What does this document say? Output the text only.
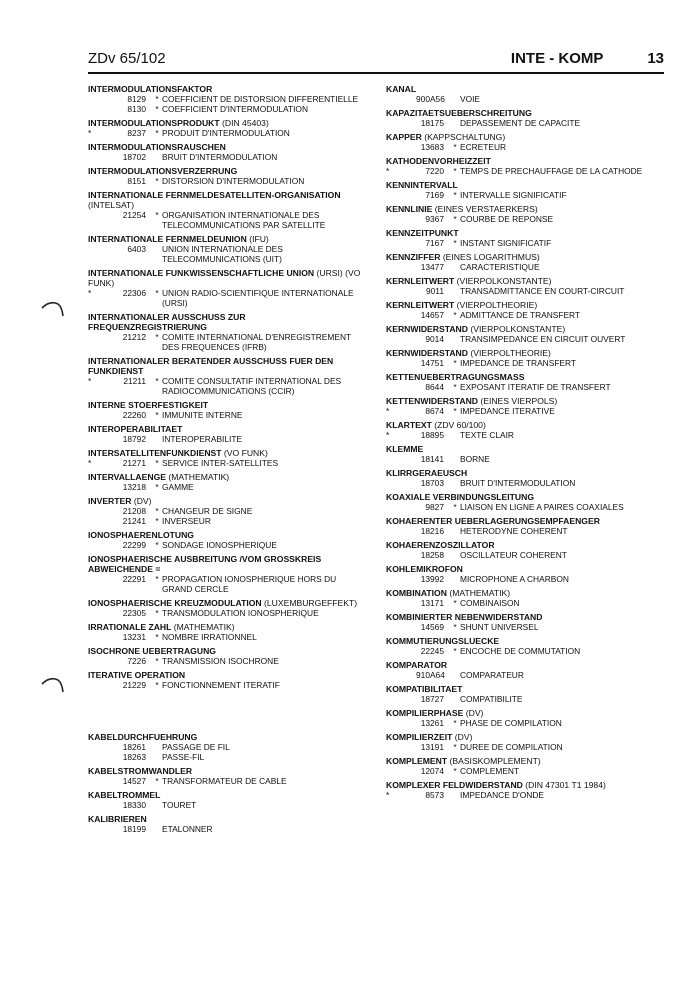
ZDv 65/102	INTE - KOMP	13
INTERMODULATIONSFAKTOR
8129	* COEFFICIENT DE DISTORSION DIFFERENTIELLE
8130	* COEFFICIENT D'INTERMODULATION
INTERMODULATIONSPRODUKT (DIN 45403)
*	8237	* PRODUIT D'INTERMODULATION
INTERMODULATIONSRAUSCHEN
18702	BRUIT D'INTERMODULATION
INTERMODULATIONSVERZERRUNG
8151	* DISTORSION D'INTERMODULATION
INTERNATIONALE FERNMELDESATELLITEN-ORGANISATION (INTELSAT)
21254	* ORGANISATION INTERNATIONALE DES TELECOMMUNICATIONS PAR SATELLITE
INTERNATIONALE FERNMELDEUNION (IFU)
6403	UNION INTERNATIONALE DES TELECOMMUNICATIONS (UIT)
INTERNATIONALE FUNKWISSENSCHAFTLICHE UNION (URSI) (VO FUNK)
*	22306	* UNION RADIO-SCIENTIFIQUE INTERNATIONALE (URSI)
INTERNATIONALER AUSSCHUSS ZUR FREQUENZREGISTRIERUNG
21212	* COMITE INTERNATIONAL D'ENREGISTREMENT DES FREQUENCES (IFRB)
INTERNATIONALER BERATENDER AUSSCHUSS FUER DEN FUNKDIENST
*	21211	* COMITE CONSULTATIF INTERNATIONAL DES RADIOCOMMUNICATIONS (CCIR)
INTERNE STOERFESTIGKEIT
22260	* IMMUNITE INTERNE
INTEROPERABILITAET
18792	INTEROPERABILITE
INTERSATELLITENFUNKDIENST (VO FUNK)
*	21271	* SERVICE INTER-SATELLITES
INTERVALLAENGE (MATHEMATIK)
13218	* GAMME
INVERTER (DV)
21208	* CHANGEUR DE SIGNE
21241	* INVERSEUR
IONOSPHAERENLOTUNG
22299	* SONDAGE IONOSPHERIQUE
IONOSPHAERISCHE AUSBREITUNG /VOM GROSSKREIS ABWEICHENDE =
22291	* PROPAGATION IONOSPHERIQUE HORS DU GRAND CERCLE
IONOSPHAERISCHE KREUZMODULATION (LUXEMBURGEFFEKT)
22305	* TRANSMODULATION IONOSPHERIQUE
IRRATIONALE ZAHL (MATHEMATIK)
13231	* NOMBRE IRRATIONNEL
ISOCHRONE UEBERTRAGUNG
7226	* TRANSMISSION ISOCHRONE
ITERATIVE OPERATION
21229	* FONCTIONNEMENT ITERATIF
KABELDURCHFUEHRUNG
18261	PASSAGE DE FIL
18263	PASSE-FIL
KABELSTROMWANDLER
14527	* TRANSFORMATEUR DE CABLE
KABELTROMMEL
18330	TOURET
KALIBRIEREN
18199	ETALONNER
KANAL
900A56	VOIE
KAPAZITAETSUEBERSCHREITUNG
18175	DEPASSEMENT DE CAPACITE
KAPPER (KAPPSCHALTUNG)
13683	* ECRETEUR
KATHODENVORHEIZZEIT
*	7220	* TEMPS DE PRECHAUFFAGE DE LA CATHODE
KENNINTERVALL
7169	* INTERVALLE SIGNIFICATIF
KENNLINIE (EINES VERSTAERKERS)
9367	* COURBE DE REPONSE
KENNZEITPUNKT
7167	* INSTANT SIGNIFICATIF
KENNZIFFER (EINES LOGARITHMUS)
13477	CARACTERISTIQUE
KERNLEITWERT (VIERPOLKONSTANTE)
9011	TRANSADMITTANCE EN COURT-CIRCUIT
KERNLEITWERT (VIERPOLTHEORIE)
14657	* ADMITTANCE DE TRANSFERT
KERNWIDERSTAND (VIERPOLKONSTANTE)
9014	TRANSIMPEDANCE EN CIRCUIT OUVERT
KERNWIDERSTAND (VIERPOLTHEORIE)
14751	* IMPEDANCE DE TRANSFERT
KETTENUEBERTRAGUNGSMASS
8644	* EXPOSANT ITERATIF DE TRANSFERT
KETTENWIDERSTAND (EINES VIERPOLS)
*	8674	* IMPEDANCE ITERATIVE
KLARTEXT (ZDV 60/100)
*	18895	TEXTE CLAIR
KLEMME
18141	BORNE
KLIRRGERAEUSCH
18703	BRUIT D'INTERMODULATION
KOAXIALE VERBINDUNGSLEITUNG
9827	* LIAISON EN LIGNE A PAIRES COAXIALES
KOHAERENTER UEBERLAGERUNGSEMPFAENGER
18216	HETERODYNE COHERENT
KOHAERENZOSZILLATOR
18258	OSCILLATEUR COHERENT
KOHLEMIKROFON
13992	MICROPHONE A CHARBON
KOMBINATION (MATHEMATIK)
13171	* COMBINAISON
KOMBINIERTER NEBENWIDERSTAND
14569	* SHUNT UNIVERSEL
KOMMUTIERUNGSLUECKE
22245	* ENCOCHE DE COMMUTATION
KOMPARATOR
910A64	COMPARATEUR
KOMPATIBILITAET
18727	COMPATIBILITE
KOMPILIERPHASE (DV)
13261	* PHASE DE COMPILATION
KOMPILIERZEIT (DV)
13191	* DUREE DE COMPILATION
KOMPLEMENT (BASISKOMPLEMENT)
12074	* COMPLEMENT
KOMPLEXER FELDWIDERSTAND (DIN 47301 T1 1984)
*	8573	IMPEDANCE D'ONDE
